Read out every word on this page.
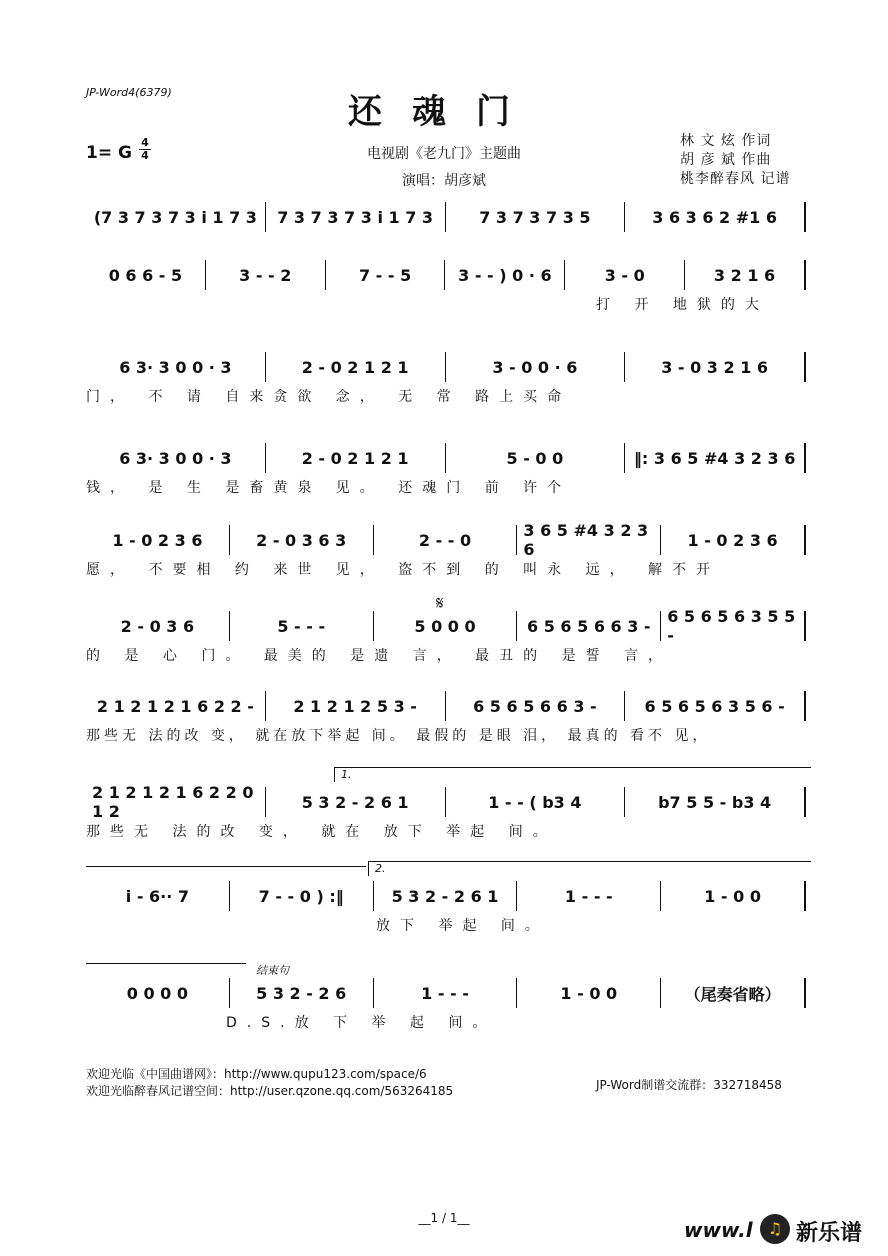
JP-Word4(6379)	还魂门
1= G
4
4	电视剧《老九门》主题曲
演唱：胡彦斌
林 文 炫 作词
胡 彦 斌 作曲
桃李醉春风 记谱
(7 3 7 3 7 3 i 1 7 3 7 3 7 3 7 3 i 1 7 3	7 3 7 3 7 3 5	3 6 3 6 2 #1 6
0 6 6 - 5	3 - - 2	7 - - 5	3 - - ) 0 · 6	3 - 0	3 2 1 6
打 开 地狱的大
6 3· 3 0 0 · 3	2 - 0 2 1 2 1	3 - 0 0 · 6	3 - 0 3 2 1 6
门， 不 请 自来贪欲 念， 无 常 路上买命
6 3· 3 0 0 · 3	2 - 0 2 1 2 1	5 - 0 0	‖: 3 6 5 #4 3 2 3 6
钱， 是 生 是畜黄泉 见。 还魂门 前 许个
1 - 0 2 3 6	2 - 0 3 6 3	2 - - 0	3 6 5 #4 3 2 3 6	1 - 0 2 3 6
愿， 不要相 约 来世 见， 盗不到 的 叫永 远， 解不开
𝄋
2 - 0 3 6	5 - - -	5 0 0 0	6 5 6 5 6 6 3 - 6 5 6 5 6 3 5 5 -
的 是 心 门。 最美的 是遗 言， 最丑的 是誓 言，
2 1 2 1 2 1 6 2 2 - 2 1 2 1 2 5 3 -	6 5 6 5 6 6 3 -	6 5 6 5 6 3 5 6 -
那些无 法的改 变， 就在放下举起 间。 最假的 是眼 泪， 最真的 看不 见，
1.
2 1 2 1 2 1 6 2 2 0 1 2	5 3 2 - 2 6 1	1 - - ( b3 4	b7 5 5 - b3 4
那些无 法的改 变， 就在 放下 举起 间。
2.
i - 6·· 7	7 - - 0 ) :‖	5 3 2 - 2 6 1	1 - - -	1 - 0 0
放下 举起 间。
结束句
0 0 0 0	5 3 2 - 2 6	1 - - -	1 - 0 0	（尾奏省略）
D.S.放 下 举 起 间。
欢迎光临《中国曲谱网》：http://www.qupu123.com/space/6
欢迎光临醉春风记谱空间：http://user.qzone.qq.com/563264185	JP-Word制谱交流群：332718458
__1 / 1__	www.l ♫ 新乐谱
